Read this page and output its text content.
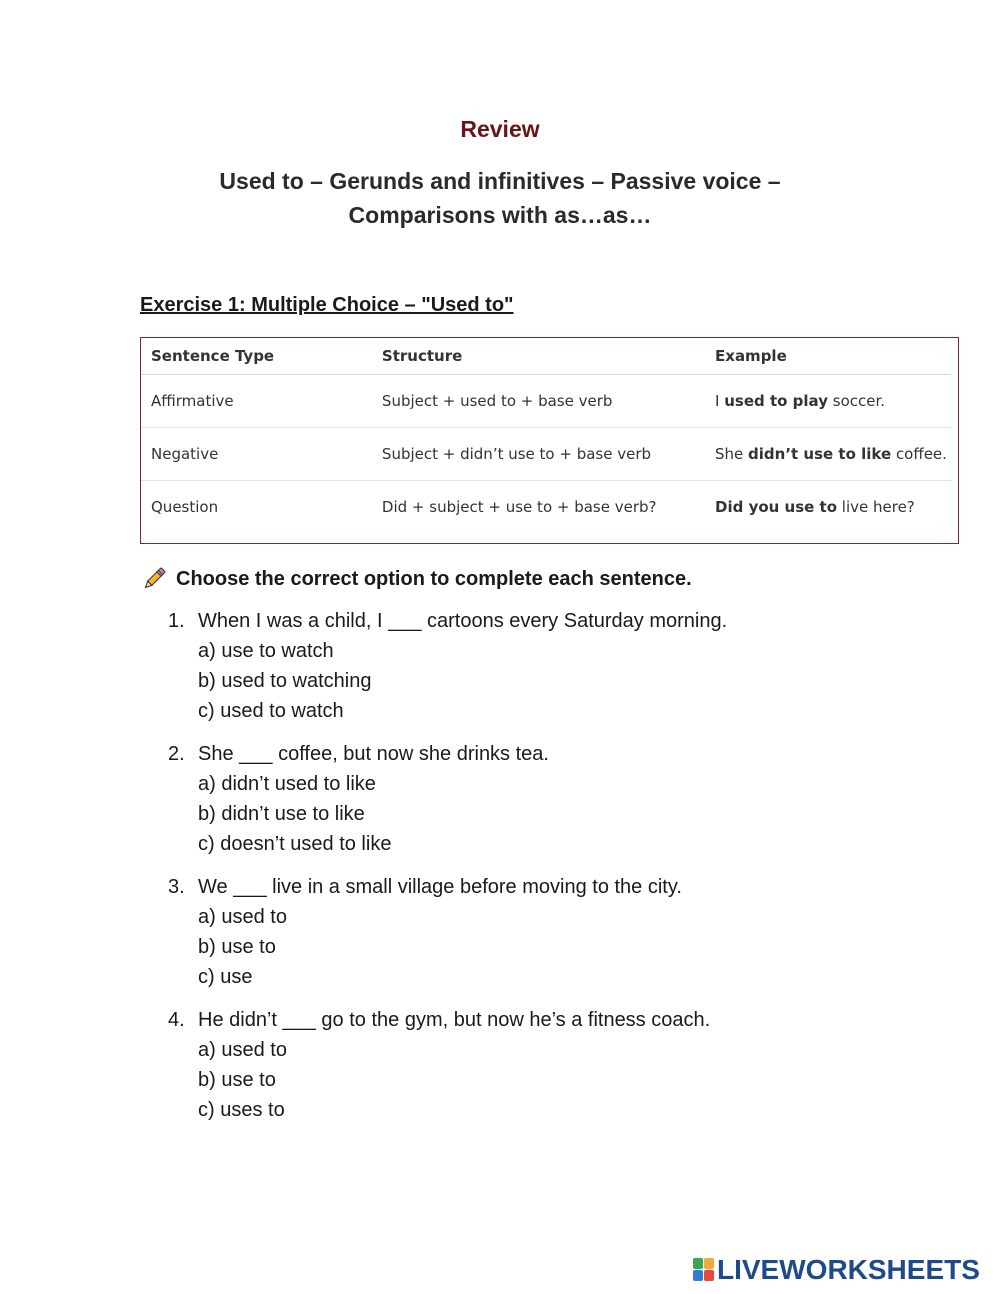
Review
Used to – Gerunds and infinitives – Passive voice –
Comparisons with as…as…
Exercise 1: Multiple Choice – "Used to"
Sentence Type	Structure	Example
Affirmative	Subject + used to + base verb	I used to play soccer.
Negative	Subject + didn’t use to + base verb	She didn’t use to like coffee.
Question	Did + subject + use to + base verb?	Did you use to live here?
Choose the correct option to complete each sentence.
1. When I was a child, I ___ cartoons every Saturday morning.
a) use to watch
b) used to watching
c) used to watch
2. She ___ coffee, but now she drinks tea.
a) didn’t used to like
b) didn’t use to like
c) doesn’t used to like
3. We ___ live in a small village before moving to the city.
a) used to
b) use to
c) use
4. He didn’t ___ go to the gym, but now he’s a fitness coach.
a) used to
b) use to
c) uses to
LIVEWORKSHEETS
